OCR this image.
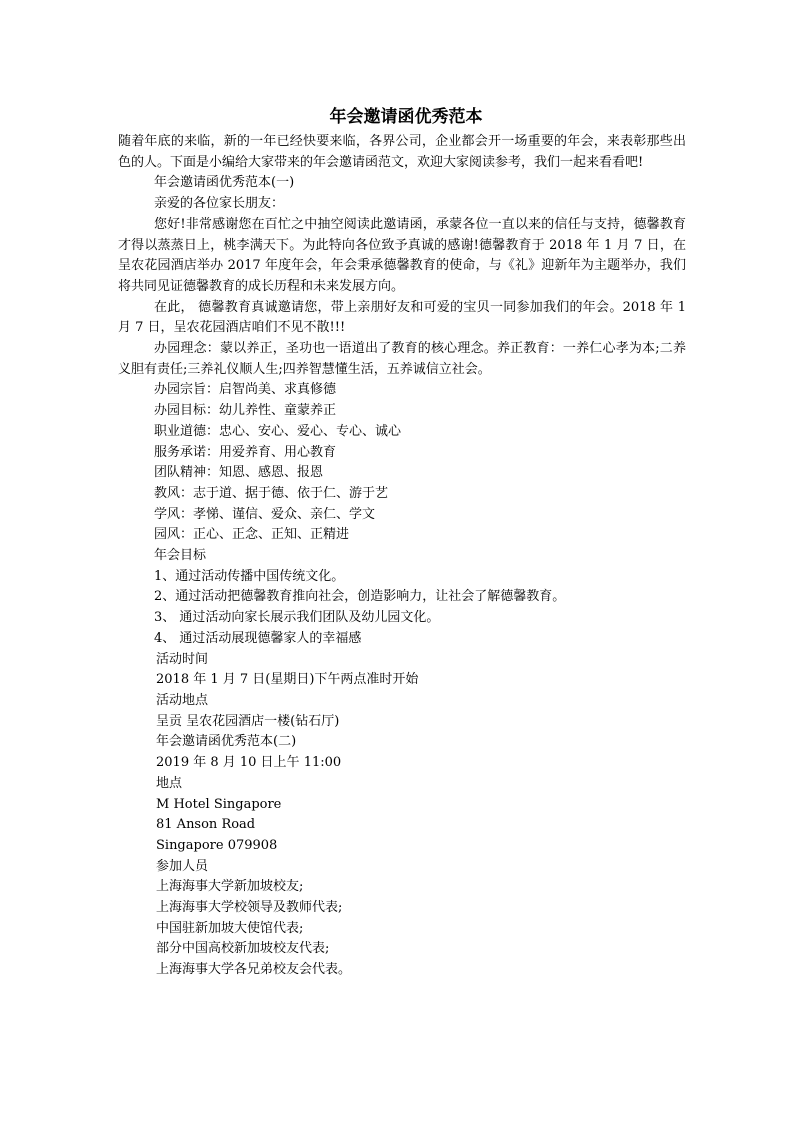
年会邀请函优秀范本

随着年底的来临，新的一年已经快要来临，各界公司，企业都会开一场重要的年会，来表彰那些出色的人。下面是小编给大家带来的年会邀请函范文，欢迎大家阅读参考，我们一起来看看吧!

年会邀请函优秀范本(一)

亲爱的各位家长朋友：

您好!非常感谢您在百忙之中抽空阅读此邀请函，承蒙各位一直以来的信任与支持，德馨教育才得以蒸蒸日上，桃李满天下。为此特向各位致予真诚的感谢!德馨教育于 2018 年 1 月 7 日，在呈农花园酒店举办 2017 年度年会，年会秉承德馨教育的使命，与《礼》迎新年为主题举办，我们将共同见证德馨教育的成长历程和未来发展方向。

在此， 德馨教育真诚邀请您，带上亲朋好友和可爱的宝贝一同参加我们的年会。2018 年 1 月 7 日，呈农花园酒店咱们不见不散!!!

办园理念：蒙以养正，圣功也一语道出了教育的核心理念。养正教育：一养仁心孝为本;二养义胆有责任;三养礼仪顺人生;四养智慧懂生活，五养诚信立社会。

办园宗旨：启智尚美、求真修德

办园目标：幼儿养性、童蒙养正

职业道德：忠心、安心、爱心、专心、诚心

服务承诺：用爱养育、用心教育

团队精神：知恩、感恩、报恩

教风：志于道、据于德、依于仁、游于艺

学风：孝悌、谨信、爱众、亲仁、学文

园风：正心、正念、正知、正精进

年会目标

1、通过活动传播中国传统文化。

2、通过活动把德馨教育推向社会，创造影响力，让社会了解德馨教育。

3、 通过活动向家长展示我们团队及幼儿园文化。

4、 通过活动展现德馨家人的幸福感

活动时间

2018 年 1 月 7 日(星期日)下午两点准时开始

活动地点

呈贡 呈农花园酒店一楼(钻石厅)

年会邀请函优秀范本(二)

2019 年 8 月 10 日上午 11:00

地点

M Hotel Singapore

81 Anson Road

Singapore 079908

参加人员

上海海事大学新加坡校友;

上海海事大学校领导及教师代表;

中国驻新加坡大使馆代表;

部分中国高校新加坡校友代表;

上海海事大学各兄弟校友会代表。
